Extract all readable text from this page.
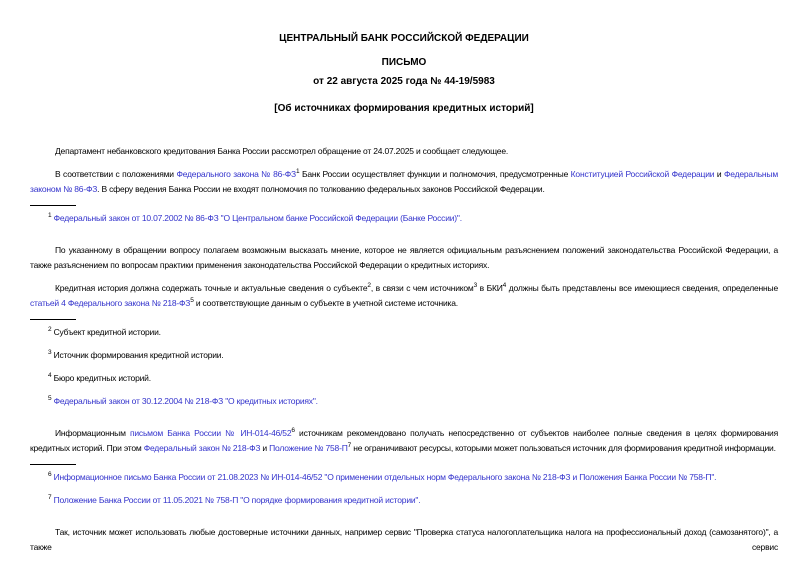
ЦЕНТРАЛЬНЫЙ БАНК РОССИЙСКОЙ ФЕДЕРАЦИИ
ПИСЬМО
от 22 августа 2025 года № 44-19/5983
[Об источниках формирования кредитных историй]

Департамент небанковского кредитования Банка России рассмотрел обращение от 24.07.2025 и сообщает следующее.

В соответствии с положениями Федерального закона № $86-ФЗ^1$ Банк России осуществляет функции и полномочия, предусмотренные Конституцией Российской Федерации и Федеральным законом № 86-ФЗ. В сферу ведения Банка России не входят полномочия по толкованию федеральных законов Российской Федерации.

$^1$ Федеральный закон от 10.07.2002 № 86-ФЗ "О Центральном банке Российской Федерации (Банке России)".

По указанному в обращении вопросу полагаем возможным высказать мнение, которое не является официальным разъяснением положений законодательства Российской Федерации, а также разъяснением по вопросам практики применения законодательства Российской Федерации о кредитных историях.

Кредитная история должна содержать точные и актуальные сведения о субъекте$^2$, в связи с чем источником$^3$ в БКИ$^4$ должны быть представлены все имеющиеся сведения, определенные статьей 4 Федерального закона № $218-ФЗ^5$ и соответствующие данным о субъекте в учетной системе источника.

$^2$ Субъект кредитной истории.
$^3$ Источник формирования кредитной истории.
$^4$ Бюро кредитных историй.
$^5$ Федеральный закон от 30.12.2004 № 218-ФЗ "О кредитных историях".

Информационным письмом Банка России № $ИН-014-46/52^6$ источникам рекомендовано получать непосредственно от субъектов наиболее полные сведения в целях формирования кредитных историй. При этом Федеральный закон № 218-ФЗ и Положение № $758-П^7$ не ограничивают ресурсы, которыми может пользоваться источник для формирования кредитной информации.

$^6$ Информационное письмо Банка России от 21.08.2023 № ИН-014-46/52 "О применении отдельных норм Федерального закона № 218-ФЗ и Положения Банка России № 758-П".
$^7$ Положение Банка России от 11.05.2021 № 758-П "О порядке формирования кредитной истории".

Так, источник может использовать любые достоверные источники данных, например сервис "Проверка статуса налогоплательщика налога на профессиональный доход (самозанятого)", а также сервис
